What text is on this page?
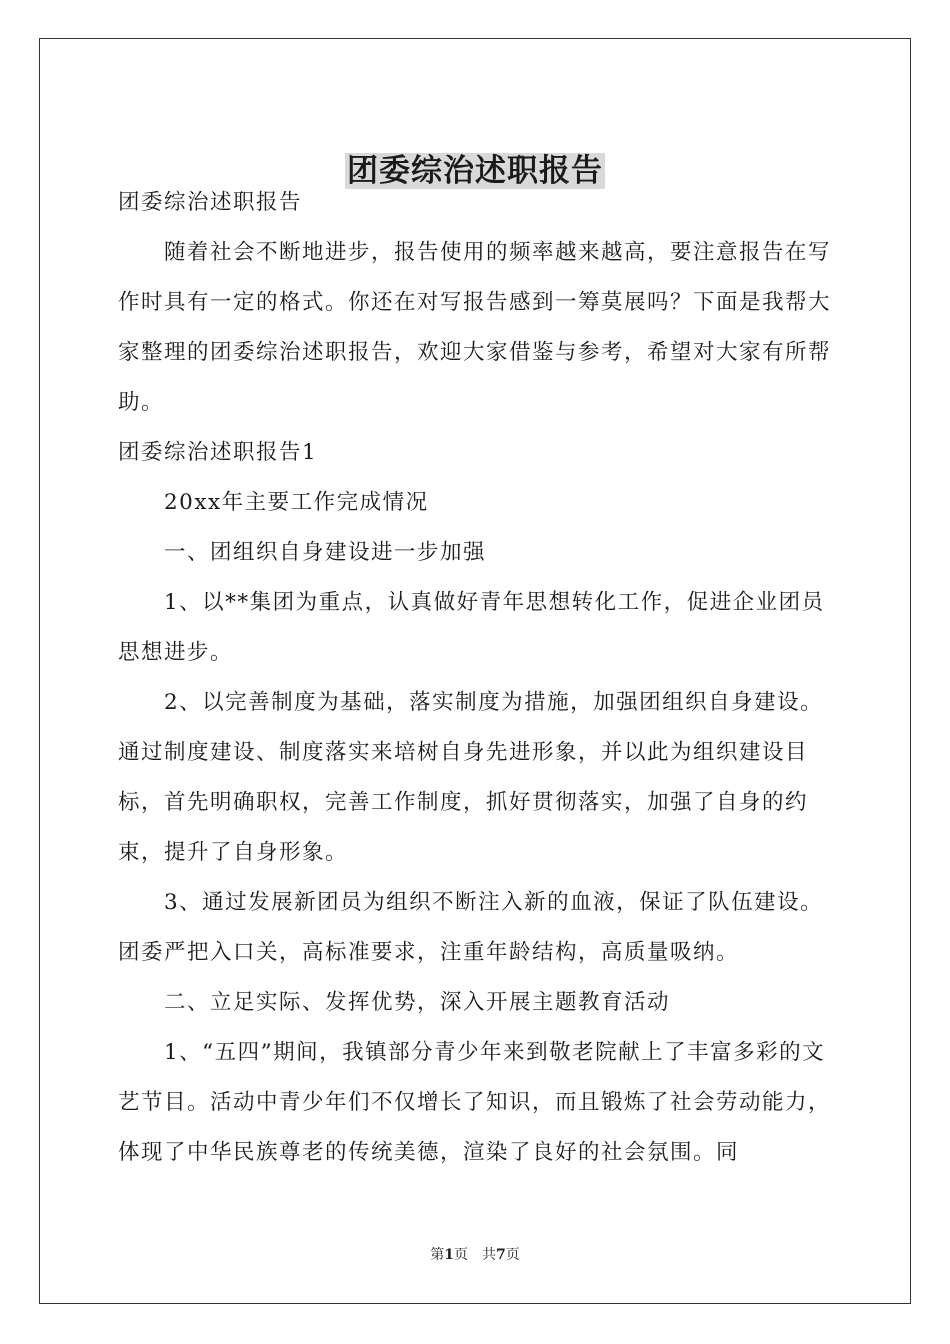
团委综治述职报告

团委综治述职报告

随着社会不断地进步，报告使用的频率越来越高，要注意报告在写作时具有一定的格式。你还在对写报告感到一筹莫展吗？下面是我帮大家整理的团委综治述职报告，欢迎大家借鉴与参考，希望对大家有所帮助。

团委综治述职报告1

20xx年主要工作完成情况

一、团组织自身建设进一步加强

1、以**集团为重点，认真做好青年思想转化工作，促进企业团员思想进步。

2、以完善制度为基础，落实制度为措施，加强团组织自身建设。通过制度建设、制度落实来培树自身先进形象，并以此为组织建设目标，首先明确职权，完善工作制度，抓好贯彻落实，加强了自身的约束，提升了自身形象。

3、通过发展新团员为组织不断注入新的血液，保证了队伍建设。团委严把入口关，高标准要求，注重年龄结构，高质量吸纳。

二、立足实际、发挥优势，深入开展主题教育活动

1、“五四”期间，我镇部分青少年来到敬老院献上了丰富多彩的文艺节目。活动中青少年们不仅增长了知识，而且锻炼了社会劳动能力，体现了中华民族尊老的传统美德，渲染了良好的社会氛围。同

第1页　共7页
